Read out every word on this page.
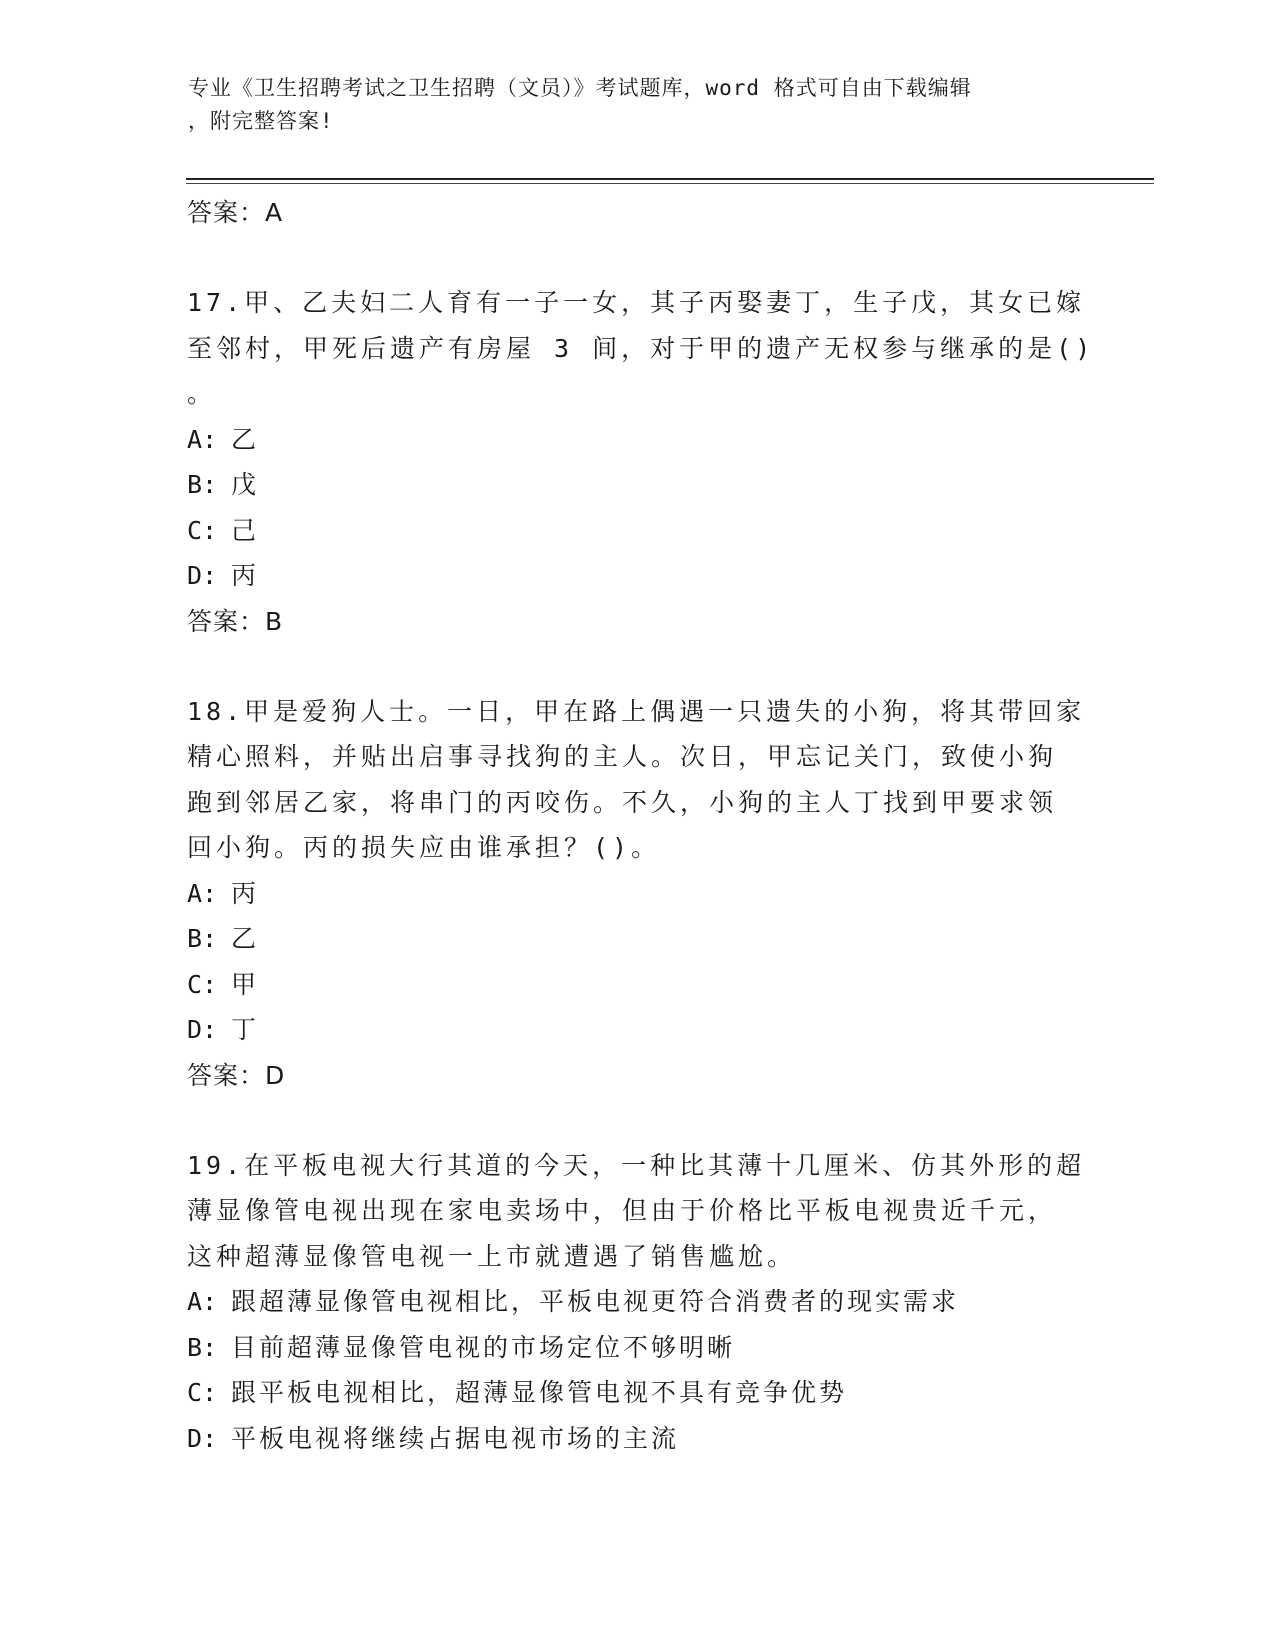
专业《卫生招聘考试之卫生招聘（文员）》考试题库，word 格式可自由下载编辑
，附完整答案!
答案：A
17.甲、乙夫妇二人育有一子一女，其子丙娶妻丁，生子戊，其女已嫁
至邻村，甲死后遗产有房屋 3 间，对于甲的遗产无权参与继承的是()
。
A: 乙
B: 戊
C: 己
D: 丙
答案：B
18.甲是爱狗人士。一日，甲在路上偶遇一只遗失的小狗，将其带回家
精心照料，并贴出启事寻找狗的主人。次日，甲忘记关门，致使小狗
跑到邻居乙家，将串门的丙咬伤。不久，小狗的主人丁找到甲要求领
回小狗。丙的损失应由谁承担？()。
A: 丙
B: 乙
C: 甲
D: 丁
答案：D
19.在平板电视大行其道的今天，一种比其薄十几厘米、仿其外形的超
薄显像管电视出现在家电卖场中，但由于价格比平板电视贵近千元，
这种超薄显像管电视一上市就遭遇了销售尴尬。
A: 跟超薄显像管电视相比，平板电视更符合消费者的现实需求
B: 目前超薄显像管电视的市场定位不够明晰
C: 跟平板电视相比，超薄显像管电视不具有竞争优势
D: 平板电视将继续占据电视市场的主流
